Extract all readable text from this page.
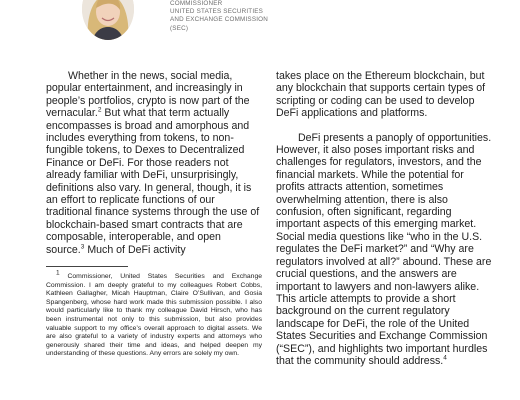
COMMISSIONER
UNITED STATES SECURITIES
AND EXCHANGE COMMISSION
(SEC)

Whether in the news, social media, popular entertainment, and increasingly in people’s portfolios, crypto is now part of the vernacular.$^2$ But what that term actually encompasses is broad and amorphous and includes everything from tokens, to non-fungible tokens, to Dexes to Decentralized Finance or DeFi. For those readers not already familiar with DeFi, unsurprisingly, definitions also vary. In general, though, it is an effort to replicate functions of our traditional finance systems through the use of blockchain-based smart contracts that are composable, interoperable, and open source.$^3$ Much of DeFi activity

$^1$ Commissioner, United States Securities and Exchange Commission. I am deeply grateful to my colleagues Robert Cobbs, Kathleen Gallagher, Micah Hauptman, Claire O’Sullivan, and Gosia Spangenberg, whose hard work made this submission possible. I also would particularly like to thank my colleague David Hirsch, who has been instrumental not only to this submission, but also provides valuable support to my office’s overall approach to digital assets. We are also grateful to a variety of industry experts and attorneys who generously shared their time and ideas, and helped deepen my understanding of these questions. Any errors are solely my own.

takes place on the Ethereum blockchain, but any blockchain that supports certain types of scripting or coding can be used to develop DeFi applications and platforms.

DeFi presents a panoply of opportunities. However, it also poses important risks and challenges for regulators, investors, and the financial markets. While the potential for profits attracts attention, sometimes overwhelming attention, there is also confusion, often significant, regarding important aspects of this emerging market. Social media questions like “who in the U.S. regulates the DeFi market?” and “Why are regulators involved at all?” abound. These are crucial questions, and the answers are important to lawyers and non-lawyers alike. This article attempts to provide a short background on the current regulatory landscape for DeFi, the role of the United States Securities and Exchange Commission (“SEC”), and highlights two important hurdles that the community should address.$^4$
